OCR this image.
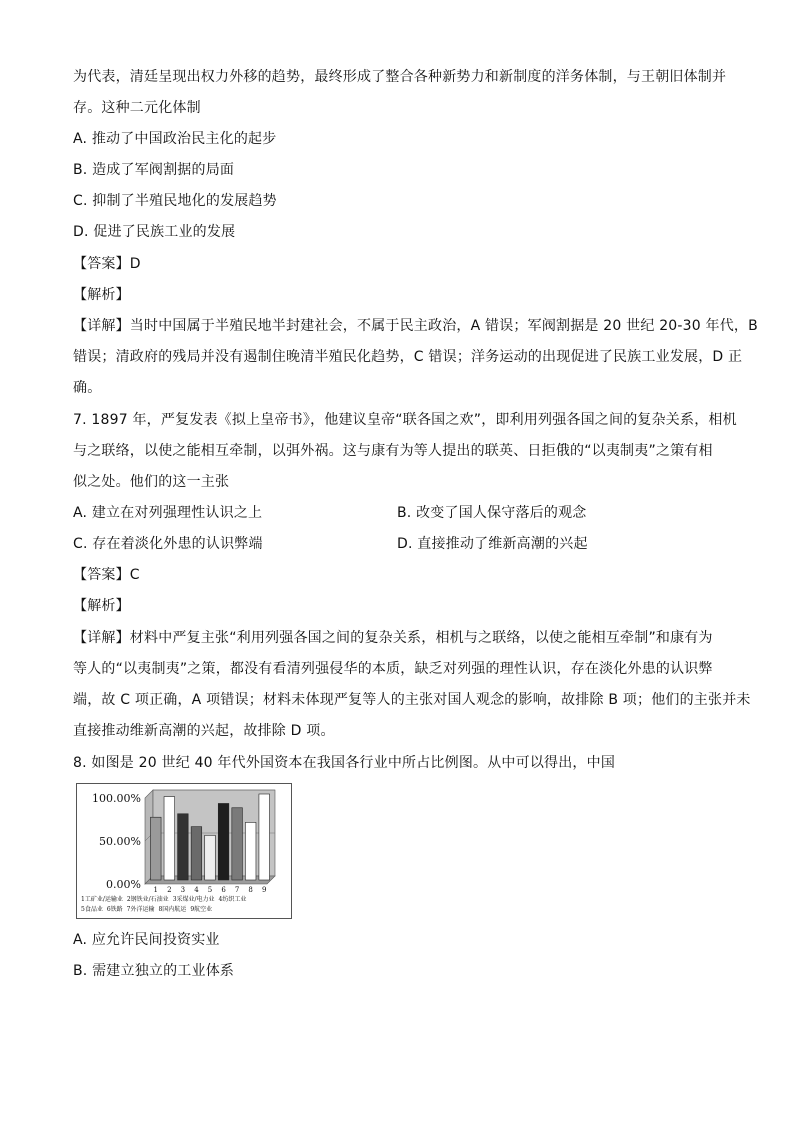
为代表，清廷呈现出权力外移的趋势，最终形成了整合各种新势力和新制度的洋务体制，与王朝旧体制并
存。这种二元化体制
A. 推动了中国政治民主化的起步
B. 造成了军阀割据的局面
C. 抑制了半殖民地化的发展趋势
D. 促进了民族工业的发展
【答案】D
【解析】
【详解】当时中国属于半殖民地半封建社会，不属于民主政治，A 错误；军阀割据是 20 世纪 20-30 年代，B
错误；清政府的残局并没有遏制住晚清半殖民化趋势，C 错误；洋务运动的出现促进了民族工业发展，D 正
确。
7. 1897 年，严复发表《拟上皇帝书》，他建议皇帝“联各国之欢”，即利用列强各国之间的复杂关系，相机
与之联络，以使之能相互牵制，以弭外祸。这与康有为等人提出的联英、日拒俄的“以夷制夷”之策有相
似之处。他们的这一主张
A. 建立在对列强理性认识之上	B. 改变了国人保守落后的观念
C. 存在着淡化外患的认识弊端	D. 直接推动了维新高潮的兴起
【答案】C
【解析】
【详解】材料中严复主张“利用列强各国之间的复杂关系，相机与之联络，以使之能相互牵制”和康有为
等人的“以夷制夷”之策，都没有看清列强侵华的本质，缺乏对列强的理性认识，存在淡化外患的认识弊
端，故 C 项正确，A 项错误；材料未体现严复等人的主张对国人观念的影响，故排除 B 项；他们的主张并未
直接推动维新高潮的兴起，故排除 D 项。
8. 如图是 20 世纪 40 年代外国资本在我国各行业中所占比例图。从中可以得出，中国
100.00%
50.00%
0.00% 1 2 3 4 5 6 7 8 9
1工矿业/运输业 2钢铁业/石油业 3采煤业/电力业 4纺织工业
5食品业 6铁路 7外洋运输 8国内航运 9航空业
A. 应允许民间投资实业
B. 需建立独立的工业体系
